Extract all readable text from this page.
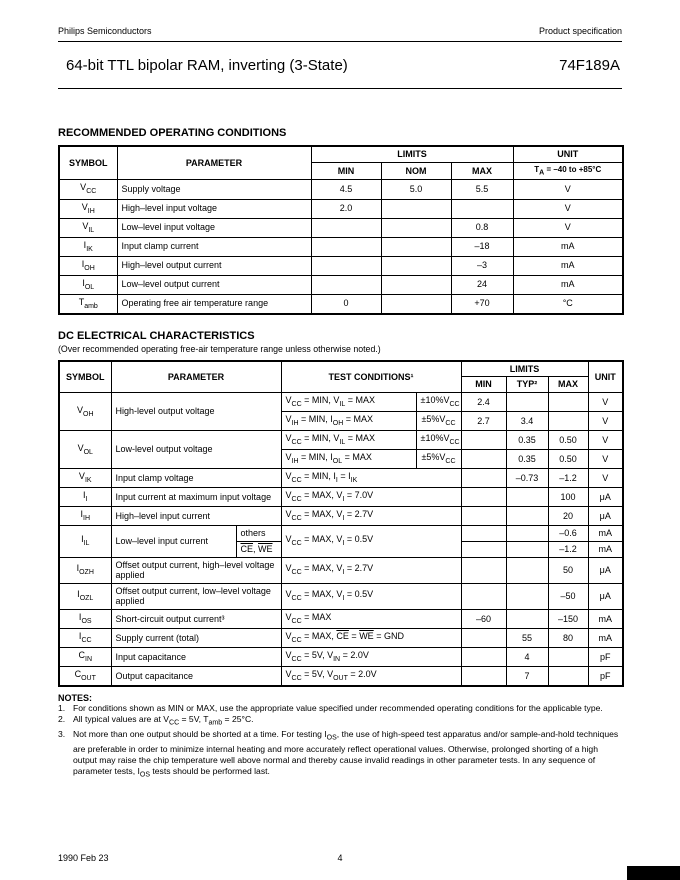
Philips Semiconductors	Product specification
64-bit TTL bipolar RAM, inverting (3-State)	74F189A
RECOMMENDED OPERATING CONDITIONS
SYMBOL	PARAMETER	LIMITS			UNIT
		MIN	NOM	MAX	$T_A = -40$ to +85°C
$V_{CC}$	Supply voltage	4.5	5.0	5.5	V
$V_{IH}$	High–level input voltage	2.0			V
$V_{IL}$	Low–level input voltage			0.8	V
$I_{IK}$	Input clamp current			–18	mA
$I_{OH}$	High–level output current			–3	mA
$I_{OL}$	Low–level output current			24	mA
$T_{amb}$	Operating free air temperature range	0		+70	°C
DC ELECTRICAL CHARACTERISTICS
(Over recommended operating free-air temperature range unless otherwise noted.)
SYMBOL	PARAMETER		TEST CONDITIONS¹		LIMITS			UNIT
					MIN	TYP²	MAX	
$V_{OH}$	High-level output voltage		$V_{CC}$ = MIN, $V_{IL}$ = MAX	$\pm 10\%V_{CC}$	2.4			V
			$V_{IH}$ = MIN, $I_{OH}$ = MAX	$\pm 5\%V_{CC}$	2.7	3.4		V
$V_{OL}$	Low-level output voltage		$V_{CC}$ = MIN, $V_{IL}$ = MAX	$\pm 10\%V_{CC}$		0.35	0.50	V
			$V_{IH}$ = MIN, $I_{OL}$ = MAX	$\pm 5\%V_{CC}$		0.35	0.50	V
$V_{IK}$	Input clamp voltage		$V_{CC}$ = MIN, $I_I = I_{IK}$			–0.73	–1.2	V
$I_I$	Input current at maximum input voltage		$V_{CC}$ = MAX, $V_I = 7.0V$				100	μA
$I_{IH}$	High–level input current		$V_{CC}$ = MAX, $V_I = 2.7V$				20	μA
$I_{IL}$	Low–level input current	others	$V_{CC}$ = MAX, $V_I = 0.5V$				–0.6	mA
		$\overline{CE}$, $\overline{WE}$					–1.2	mA
$I_{OZH}$	Offset output current, high–level voltage applied		$V_{CC}$ = MAX, $V_I = 2.7V$				50	μA
$I_{OZL}$	Offset output current, low–level voltage applied		$V_{CC}$ = MAX, $V_I = 0.5V$				–50	μA
$I_{OS}$	Short-circuit output current³		$V_{CC}$ = MAX		–60		–150	mA
$I_{CC}$	Supply current (total)		$V_{CC}$ = MAX, $\overline{CE} = \overline{WE}$ = GND			55	80	mA
$C_{IN}$	Input capacitance		$V_{CC} = 5V$, $V_{IN} = 2.0V$			4		pF
$C_{OUT}$	Output capacitance		$V_{CC} = 5V$, $V_{OUT} = 2.0V$			7		pF
NOTES:
1. For conditions shown as MIN or MAX, use the appropriate value specified under recommended operating conditions for the applicable type.
2. All typical values are at $V_{CC} = 5V$, $T_{amb} = 25^\circ C$.
3. Not more than one output should be shorted at a time. For testing $I_{OS}$, the use of high-speed test apparatus and/or sample-and-hold techniques are preferable in order to minimize internal heating and more accurately reflect operational values. Otherwise, prolonged shorting of a high output may raise the chip temperature well above normal and thereby cause invalid readings in other parameter tests. In any sequence of parameter tests, $I_{OS}$ tests should be performed last.
1990 Feb 23	4
